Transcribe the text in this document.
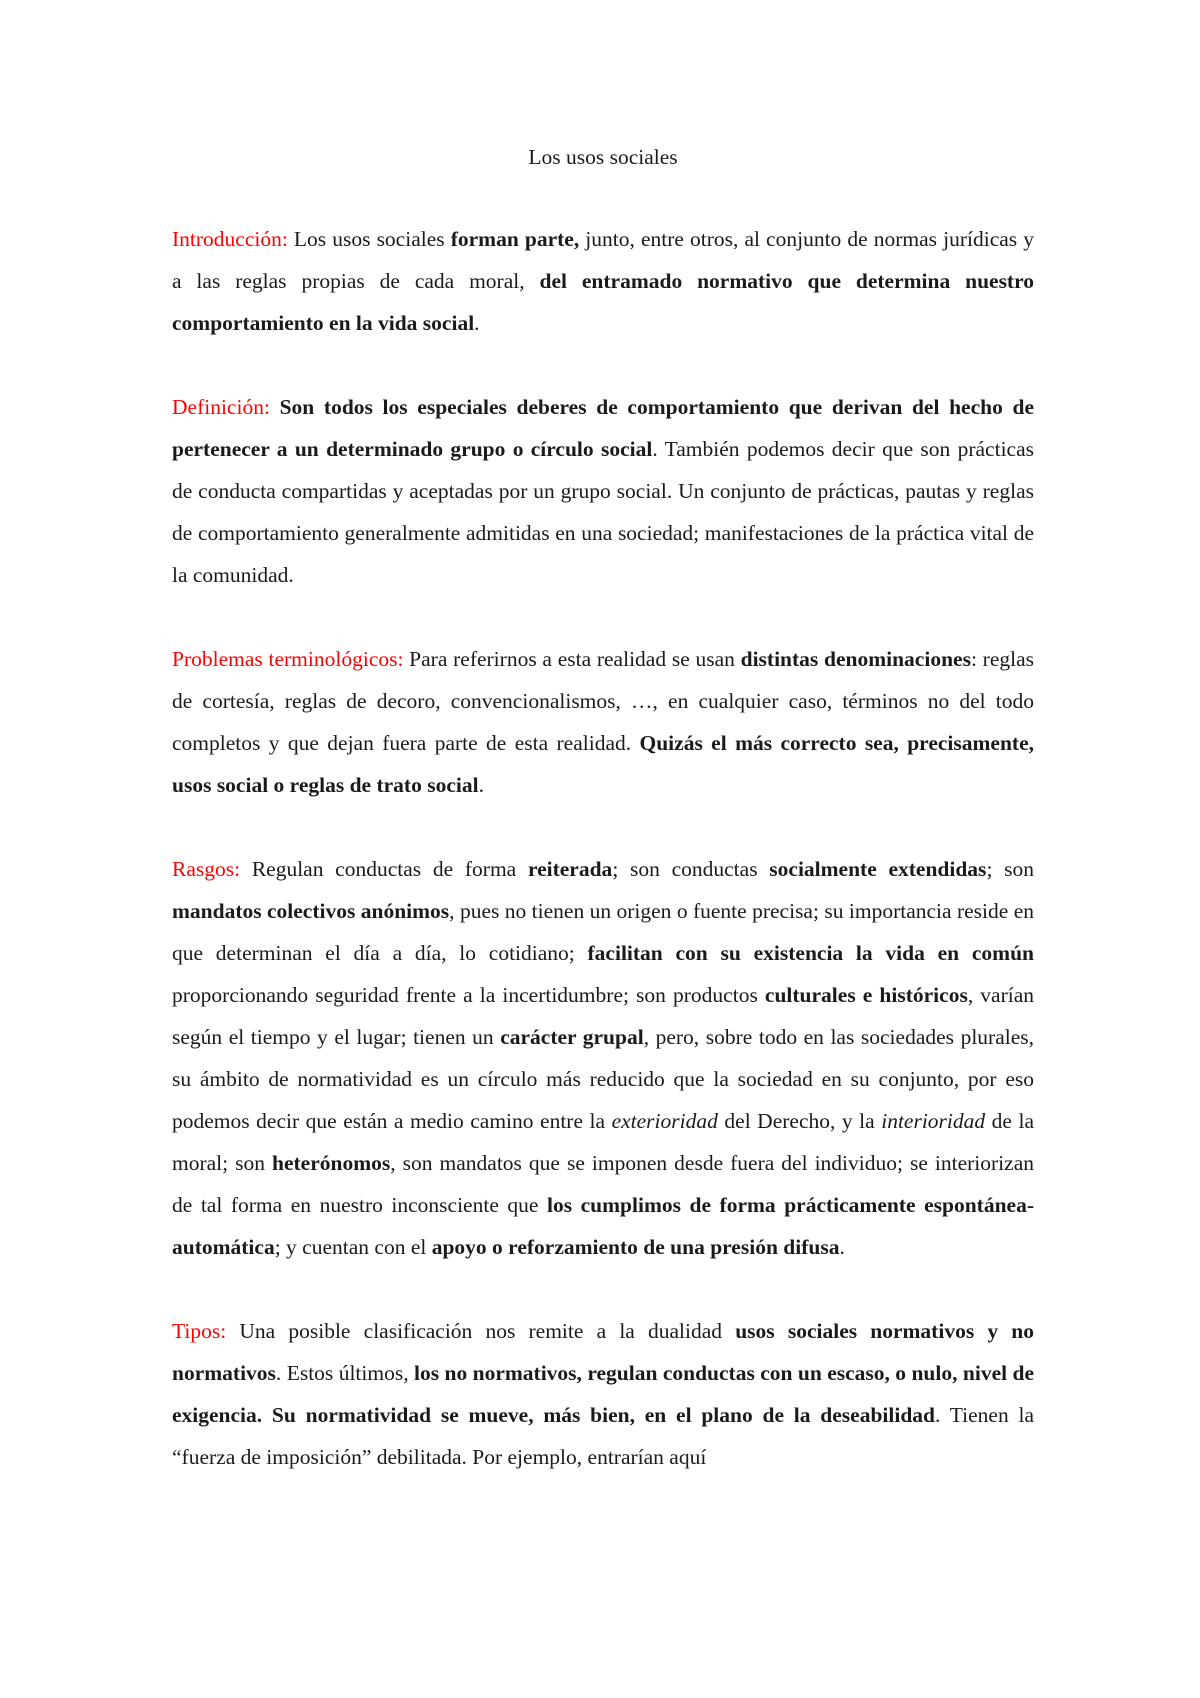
Los usos sociales

Introducción: Los usos sociales forman parte, junto, entre otros, al conjunto de normas jurídicas y a las reglas propias de cada moral, del entramado normativo que determina nuestro comportamiento en la vida social.

Definición: Son todos los especiales deberes de comportamiento que derivan del hecho de pertenecer a un determinado grupo o círculo social. También podemos decir que son prácticas de conducta compartidas y aceptadas por un grupo social. Un conjunto de prácticas, pautas y reglas de comportamiento generalmente admitidas en una sociedad; manifestaciones de la práctica vital de la comunidad.

Problemas terminológicos: Para referirnos a esta realidad se usan distintas denominaciones: reglas de cortesía, reglas de decoro, convencionalismos, …, en cualquier caso, términos no del todo completos y que dejan fuera parte de esta realidad. Quizás el más correcto sea, precisamente, usos social o reglas de trato social.

Rasgos: Regulan conductas de forma reiterada; son conductas socialmente extendidas; son mandatos colectivos anónimos, pues no tienen un origen o fuente precisa; su importancia reside en que determinan el día a día, lo cotidiano; facilitan con su existencia la vida en común proporcionando seguridad frente a la incertidumbre; son productos culturales e históricos, varían según el tiempo y el lugar; tienen un carácter grupal, pero, sobre todo en las sociedades plurales, su ámbito de normatividad es un círculo más reducido que la sociedad en su conjunto, por eso podemos decir que están a medio camino entre la exterioridad del Derecho, y la interioridad de la moral; son heterónomos, son mandatos que se imponen desde fuera del individuo; se interiorizan de tal forma en nuestro inconsciente que los cumplimos de forma prácticamente espontánea-automática; y cuentan con el apoyo o reforzamiento de una presión difusa.

Tipos: Una posible clasificación nos remite a la dualidad usos sociales normativos y no normativos. Estos últimos, los no normativos, regulan conductas con un escaso, o nulo, nivel de exigencia. Su normatividad se mueve, más bien, en el plano de la deseabilidad. Tienen la “fuerza de imposición” debilitada. Por ejemplo, entrarían aquí
